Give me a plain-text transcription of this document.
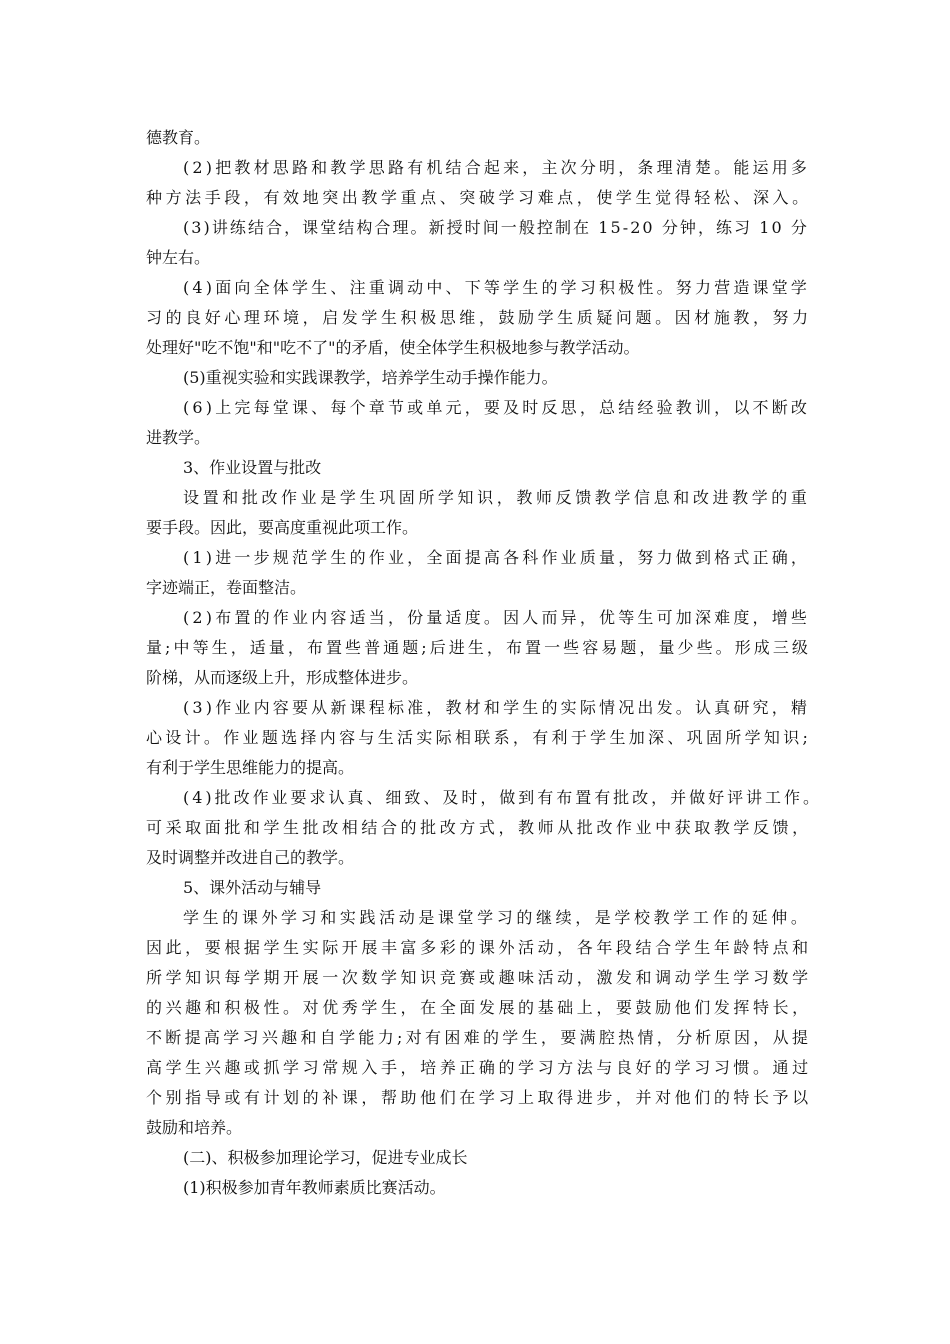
德教育。

(2)把教材思路和教学思路有机结合起来，主次分明，条理清楚。能运用多

种方法手段，有效地突出教学重点、突破学习难点，使学生觉得轻松、深入。

(3)讲练结合，课堂结构合理。新授时间一般控制在 15-20 分钟，练习 10 分

钟左右。

(4)面向全体学生、注重调动中、下等学生的学习积极性。努力营造课堂学

习的良好心理环境，启发学生积极思维，鼓励学生质疑问题。因材施教，努力

处理好"吃不饱"和"吃不了"的矛盾，使全体学生积极地参与教学活动。

(5)重视实验和实践课教学，培养学生动手操作能力。

(6)上完每堂课、每个章节或单元，要及时反思，总结经验教训，以不断改

进教学。

3、作业设置与批改

设置和批改作业是学生巩固所学知识，教师反馈教学信息和改进教学的重

要手段。因此，要高度重视此项工作。

(1)进一步规范学生的作业，全面提高各科作业质量，努力做到格式正确，

字迹端正，卷面整洁。

(2)布置的作业内容适当，份量适度。因人而异，优等生可加深难度，增些

量;中等生，适量，布置些普通题;后进生，布置一些容易题，量少些。形成三级

阶梯，从而逐级上升，形成整体进步。

(3)作业内容要从新课程标准，教材和学生的实际情况出发。认真研究，精

心设计。作业题选择内容与生活实际相联系，有利于学生加深、巩固所学知识;

有利于学生思维能力的提高。

(4)批改作业要求认真、细致、及时，做到有布置有批改，并做好评讲工作。

可采取面批和学生批改相结合的批改方式，教师从批改作业中获取教学反馈，

及时调整并改进自己的教学。

5、课外活动与辅导

学生的课外学习和实践活动是课堂学习的继续，是学校教学工作的延伸。

因此，要根据学生实际开展丰富多彩的课外活动，各年段结合学生年龄特点和

所学知识每学期开展一次数学知识竞赛或趣味活动，激发和调动学生学习数学

的兴趣和积极性。对优秀学生，在全面发展的基础上，要鼓励他们发挥特长，

不断提高学习兴趣和自学能力;对有困难的学生，要满腔热情，分析原因，从提

高学生兴趣或抓学习常规入手，培养正确的学习方法与良好的学习习惯。通过

个别指导或有计划的补课，帮助他们在学习上取得进步，并对他们的特长予以

鼓励和培养。

(二)、积极参加理论学习，促进专业成长

(1)积极参加青年教师素质比赛活动。
